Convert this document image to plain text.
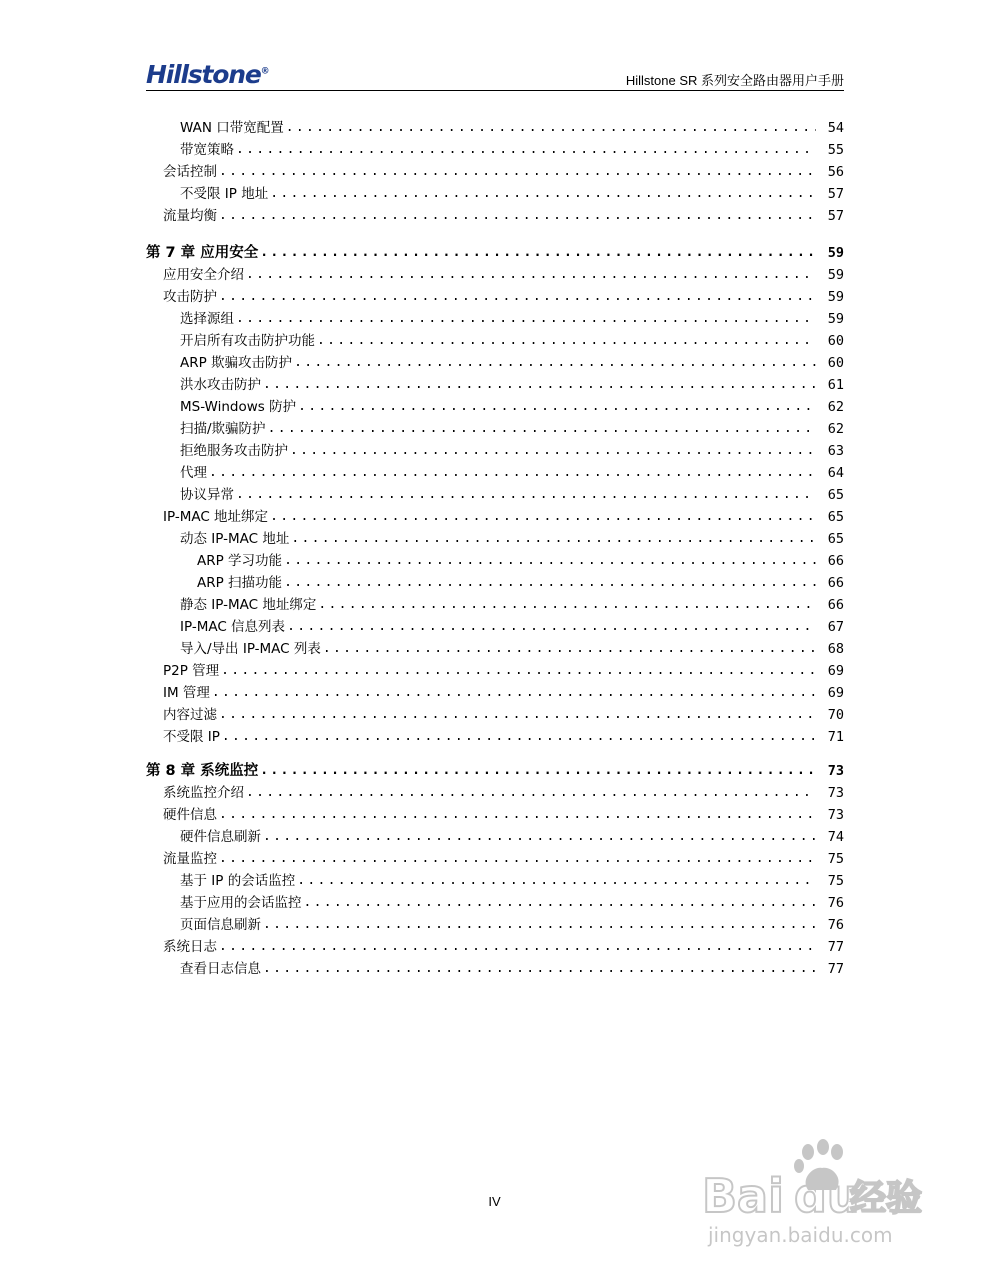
Hillstone®
Hillstone SR 系列安全路由器用户手册
WAN 口带宽配置 .....	54
带宽策略 .....	55
会话控制 .....	56
不受限 IP 地址 .....	57
流量均衡 .....	57
第 7 章 应用安全 .....	59
应用安全介绍 .....	59
攻击防护 .....	59
选择源组 .....	59
开启所有攻击防护功能 .....	60
ARP 欺骗攻击防护 .....	60
洪水攻击防护 .....	61
MS-Windows 防护 .....	62
扫描/欺骗防护 .....	62
拒绝服务攻击防护 .....	63
代理 .....	64
协议异常 .....	65
IP-MAC 地址绑定 .....	65
动态 IP-MAC 地址 .....	65
ARP 学习功能 .....	66
ARP 扫描功能 .....	66
静态 IP-MAC 地址绑定 .....	66
IP-MAC 信息列表 .....	67
导入/导出 IP-MAC 列表 .....	68
P2P 管理 .....	69
IM 管理 .....	69
内容过滤 .....	70
不受限 IP .....	71
第 8 章 系统监控 .....	73
系统监控介绍 .....	73
硬件信息 .....	73
硬件信息刷新 .....	74
流量监控 .....	75
基于 IP 的会话监控 .....	75
基于应用的会话监控 .....	76
页面信息刷新 .....	76
系统日志 .....	77
查看日志信息 .....	77
IV	Bai du
经验
jingyan.baidu.com
